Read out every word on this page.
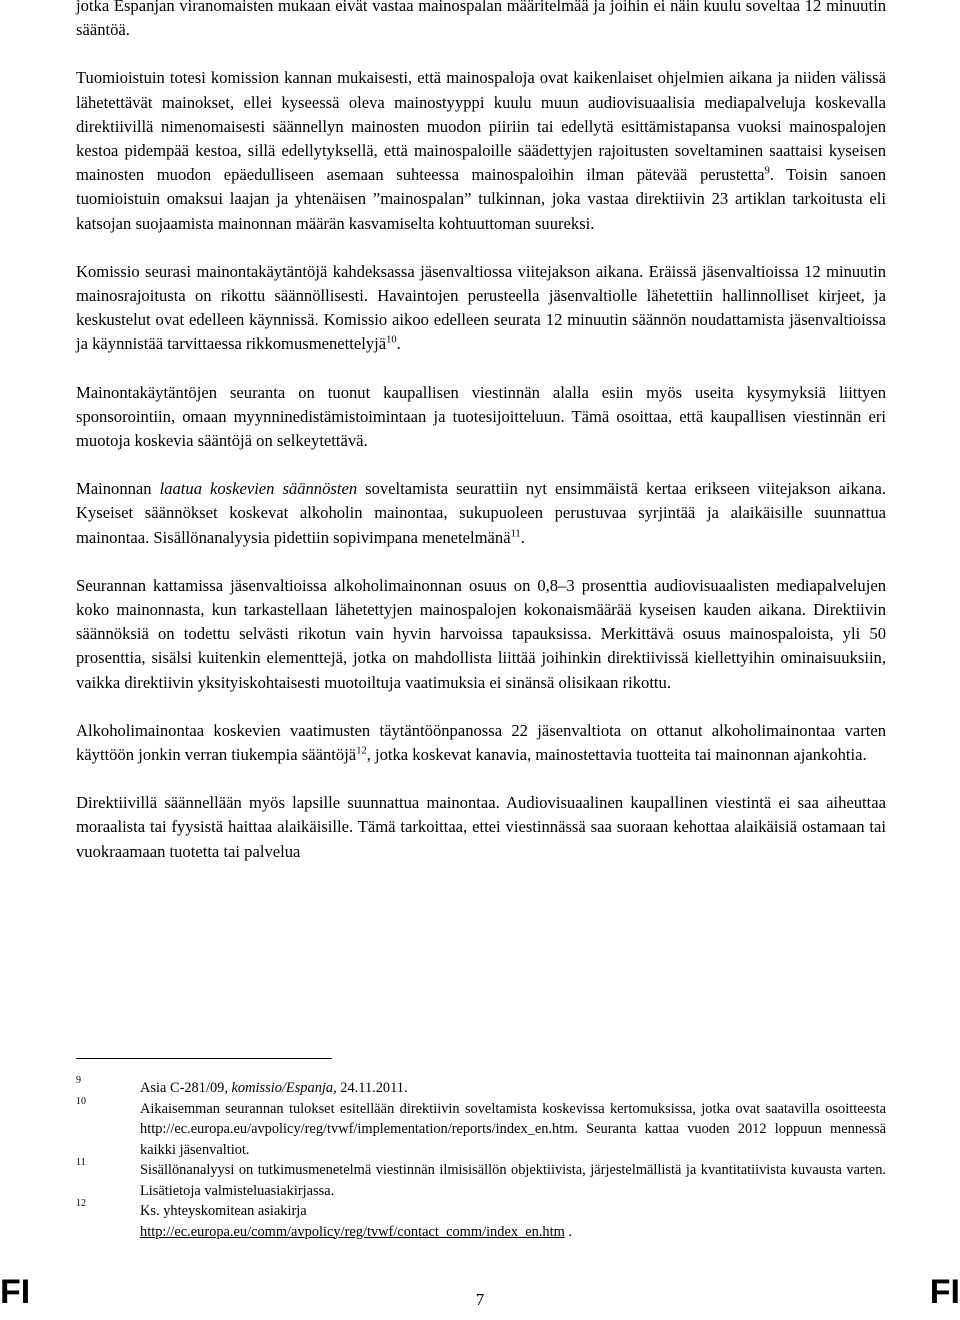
jotka Espanjan viranomaisten mukaan eivät vastaa mainospalan määritelmää ja joihin ei näin kuulu soveltaa 12 minuutin sääntöä.

Tuomioistuin totesi komission kannan mukaisesti, että mainospaloja ovat kaikenlaiset ohjelmien aikana ja niiden välissä lähetettävät mainokset, ellei kyseessä oleva mainostyyppi kuulu muun audiovisuaalisia mediapalveluja koskevalla direktiivillä nimenomaisesti säännellyn mainosten muodon piiriin tai edellytä esittämistapansa vuoksi mainospalojen kestoa pidempää kestoa, sillä edellytyksellä, että mainospaloille säädettyjen rajoitusten soveltaminen saattaisi kyseisen mainosten muodon epäedulliseen asemaan suhteessa mainospaloihin ilman pätevää perustetta$^9$. Toisin sanoen tuomioistuin omaksui laajan ja yhtenäisen ”mainospalan” tulkinnan, joka vastaa direktiivin 23 artiklan tarkoitusta eli katsojan suojaamista mainonnan määrän kasvamiselta kohtuuttoman suureksi.

Komissio seurasi mainontakäytäntöjä kahdeksassa jäsenvaltiossa viitejakson aikana. Eräissä jäsenvaltioissa 12 minuutin mainosrajoitusta on rikottu säännöllisesti. Havaintojen perusteella jäsenvaltiolle lähetettiin hallinnolliset kirjeet, ja keskustelut ovat edelleen käynnissä. Komissio aikoo edelleen seurata 12 minuutin säännön noudattamista jäsenvaltioissa ja käynnistää tarvittaessa rikkomusmenettelyjä$^{10}$.

Mainontakäytäntöjen seuranta on tuonut kaupallisen viestinnän alalla esiin myös useita kysymyksiä liittyen sponsorointiin, omaan myynninedistämistoimintaan ja tuotesijoitteluun. Tämä osoittaa, että kaupallisen viestinnän eri muotoja koskevia sääntöjä on selkeytettävä.

Mainonnan laatua koskevien säännösten soveltamista seurattiin nyt ensimmäistä kertaa erikseen viitejakson aikana. Kyseiset säännökset koskevat alkoholin mainontaa, sukupuoleen perustuvaa syrjintää ja alaikäisille suunnattua mainontaa. Sisällönanalyysia pidettiin sopivimpana menetelmänä$^{11}$.

Seurannan kattamissa jäsenvaltioissa alkoholimainonnan osuus on 0,8–3 prosenttia audiovisuaalisten mediapalvelujen koko mainonnasta, kun tarkastellaan lähetettyjen mainospalojen kokonaismäärää kyseisen kauden aikana. Direktiivin säännöksiä on todettu selvästi rikotun vain hyvin harvoissa tapauksissa. Merkittävä osuus mainospaloista, yli 50 prosenttia, sisälsi kuitenkin elementtejä, jotka on mahdollista liittää joihinkin direktiivissä kiellettyihin ominaisuuksiin, vaikka direktiivin yksityiskohtaisesti muotoiltuja vaatimuksia ei sinänsä olisikaan rikottu.

Alkoholimainontaa koskevien vaatimusten täytäntöönpanossa 22 jäsenvaltiota on ottanut alkoholimainontaa varten käyttöön jonkin verran tiukempia sääntöjä$^{12}$, jotka koskevat kanavia, mainostettavia tuotteita tai mainonnan ajankohtia.

Direktiivillä säännellään myös lapsille suunnattua mainontaa. Audiovisuaalinen kaupallinen viestintä ei saa aiheuttaa moraalista tai fyysistä haittaa alaikäisille. Tämä tarkoittaa, ettei viestinnässä saa suoraan kehottaa alaikäisiä ostamaan tai vuokraamaan tuotetta tai palvelua

9	Asia C-281/09, komissio/Espanja, 24.11.2011.
10	Aikaisemman seurannan tulokset esitellään direktiivin soveltamista koskevissa kertomuksissa, jotka ovat saatavilla osoitteesta http://ec.europa.eu/avpolicy/reg/tvwf/implementation/reports/index_en.htm. Seuranta kattaa vuoden 2012 loppuun mennessä kaikki jäsenvaltiot.
11	Sisällönanalyysi on tutkimusmenetelmä viestinnän ilmisisällön objektiivista, järjestelmällistä ja kvantitatiivista kuvausta varten. Lisätietoja valmisteluasiakirjassa.
12	Ks. yhteyskomitean asiakirja
http://ec.europa.eu/comm/avpolicy/reg/tvwf/contact_comm/index_en.htm .
FI	7	FI
